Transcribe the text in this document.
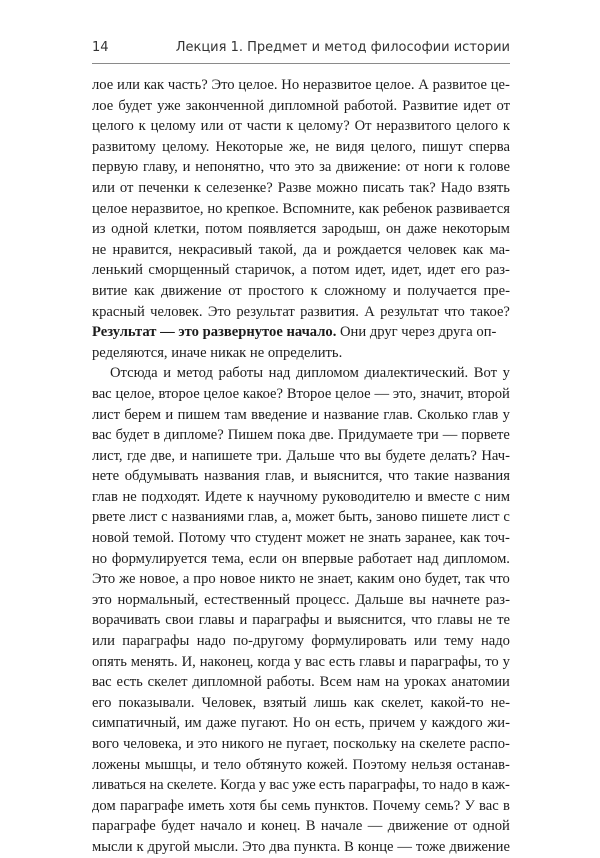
14	Лекция 1. Предмет и метод философии истории
лое или как часть? Это целое. Но неразвитое целое. А развитое це-
лое будет уже законченной дипломной работой. Развитие идет от
целого к целому или от части к целому? От неразвитого целого к
развитому целому. Некоторые же, не видя целого, пишут сперва
первую главу, и непонятно, что это за движение: от ноги к голове
или от печенки к селезенке? Разве можно писать так? Надо взять
целое неразвитое, но крепкое. Вспомните, как ребенок развивается
из одной клетки, потом появляется зародыш, он даже некоторым
не нравится, некрасивый такой, да и рождается человек как ма-
ленький сморщенный старичок, а потом идет, идет, идет его раз-
витие как движение от простого к сложному и получается пре-
красный человек. Это результат развития. А результат что такое?
Результат — это развернутое начало. Они друг через друга оп-
ределяются, иначе никак не определить.
Отсюда и метод работы над дипломом диалектический. Вот у
вас целое, второе целое какое? Второе целое — это, значит, второй
лист берем и пишем там введение и название глав. Сколько глав у
вас будет в дипломе? Пишем пока две. Придумаете три — порвете
лист, где две, и напишете три. Дальше что вы будете делать? Нач-
нете обдумывать названия глав, и выяснится, что такие названия
глав не подходят. Идете к научному руководителю и вместе с ним
рвете лист с названиями глав, а, может быть, заново пишете лист с
новой темой. Потому что студент может не знать заранее, как точ-
но формулируется тема, если он впервые работает над дипломом.
Это же новое, а про новое никто не знает, каким оно будет, так что
это нормальный, естественный процесс. Дальше вы начнете раз-
ворачивать свои главы и параграфы и выяснится, что главы не те
или параграфы надо по-другому формулировать или тему надо
опять менять. И, наконец, когда у вас есть главы и параграфы, то у
вас есть скелет дипломной работы. Всем нам на уроках анатомии
его показывали. Человек, взятый лишь как скелет, какой-то не-
симпатичный, им даже пугают. Но он есть, причем у каждого жи-
вого человека, и это никого не пугает, поскольку на скелете распо-
ложены мышцы, и тело обтянуто кожей. Поэтому нельзя останав-
ливаться на скелете. Когда у вас уже есть параграфы, то надо в каж-
дом параграфе иметь хотя бы семь пунктов. Почему семь? У вас в
параграфе будет начало и конец. В начале — движение от одной
мысли к другой мысли. Это два пункта. В конце — тоже движение
